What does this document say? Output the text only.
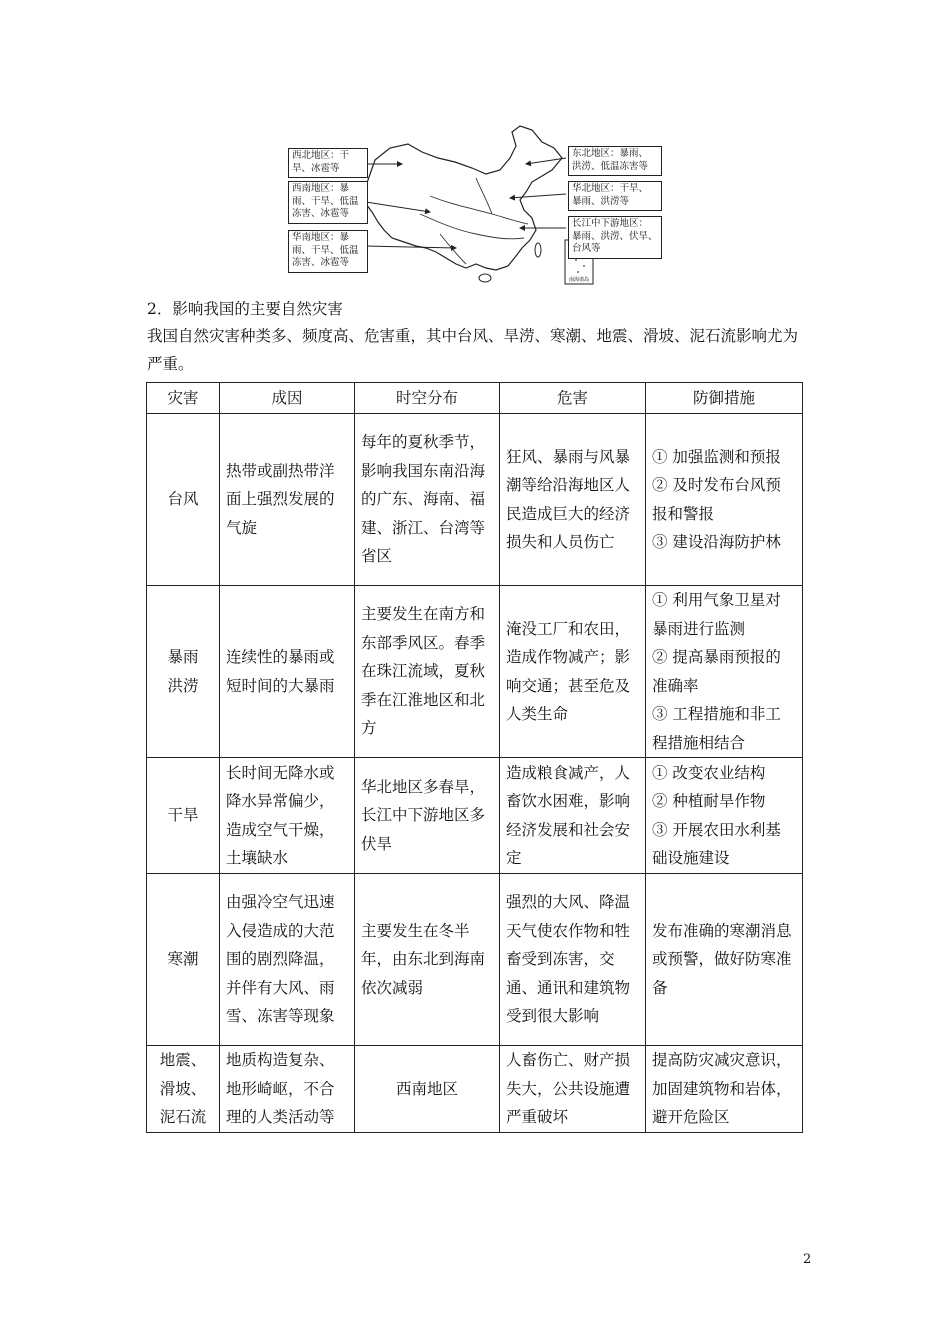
南海诸岛
西北地区：干
旱、冰雹等
西南地区：暴
雨、干旱、低温
冻害、冰雹等
华南地区：暴
雨、干旱、低温
冻害、冰雹等
东北地区：暴雨、
洪涝、低温冻害等
华北地区：干旱、
暴雨、洪涝等
长江中下游地区：
暴雨、洪涝、伏旱、
台风等
2．影响我国的主要自然灾害
我国自然灾害种类多、频度高、危害重，其中台风、旱涝、寒潮、地震、滑坡、泥石流影响尤为严重。
灾害	成因	时空分布	危害	防御措施
台风	热带或副热带洋面上强烈发展的气旋	每年的夏秋季节，影响我国东南沿海的广东、海南、福建、浙江、台湾等省区	狂风、暴雨与风暴潮等给沿海地区人民造成巨大的经济损失和人员伤亡	① 加强监测和预报
② 及时发布台风预报和警报
③ 建设沿海防护林
暴雨
洪涝	连续性的暴雨或短时间的大暴雨	主要发生在南方和东部季风区。春季在珠江流域，夏秋季在江淮地区和北方	淹没工厂和农田，造成作物减产；影响交通；甚至危及人类生命	① 利用气象卫星对暴雨进行监测
② 提高暴雨预报的准确率
③ 工程措施和非工程措施相结合
干旱	长时间无降水或降水异常偏少，造成空气干燥，土壤缺水	华北地区多春旱，长江中下游地区多伏旱	造成粮食减产，人畜饮水困难，影响经济发展和社会安定	① 改变农业结构
② 种植耐旱作物
③ 开展农田水利基础设施建设
寒潮	由强冷空气迅速入侵造成的大范围的剧烈降温，并伴有大风、雨雪、冻害等现象	主要发生在冬半年，由东北到海南依次减弱	强烈的大风、降温天气使农作物和牲畜受到冻害，交通、通讯和建筑物受到很大影响	发布准确的寒潮消息或预警，做好防寒准备
地震、
滑坡、
泥石流	地质构造复杂、地形崎岖，不合理的人类活动等	西南地区	人畜伤亡、财产损失大，公共设施遭严重破坏	提高防灾减灾意识，加固建筑物和岩体，避开危险区
2
